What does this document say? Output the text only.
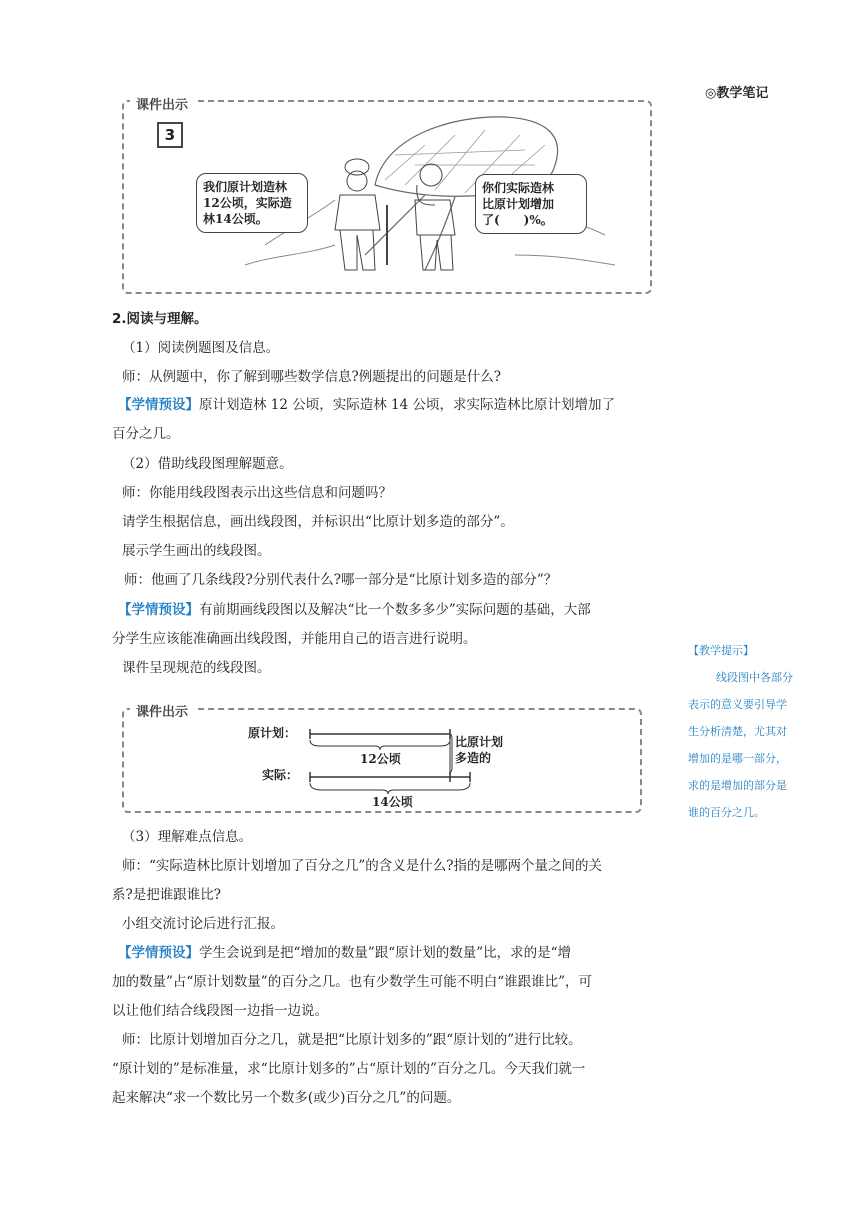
◎教学笔记
课件出示
3
我们原计划造林
12公顷，实际造
林14公顷。
你们实际造林
比原计划增加
了(　　)%。
2.阅读与理解。
（1）阅读例题图及信息。
师：从例题中，你了解到哪些数学信息?例题提出的问题是什么?
【学情预设】原计划造林 12 公顷，实际造林 14 公顷，求实际造林比原计划增加了
百分之几。
（2）借助线段图理解题意。
师：你能用线段图表示出这些信息和问题吗？
请学生根据信息，画出线段图，并标识出“比原计划多造的部分”。
展示学生画出的线段图。
师：他画了几条线段?分别代表什么?哪一部分是“比原计划多造的部分”？
【学情预设】有前期画线段图以及解决“比一个数多多少”实际问题的基础，大部
分学生应该能准确画出线段图，并能用自己的语言进行说明。
课件呈现规范的线段图。
课件出示
原计划：
实际：
12公顷
14公顷
比原计划
多造的
（3）理解难点信息。
师：“实际造林比原计划增加了百分之几”的含义是什么?指的是哪两个量之间的关
系?是把谁跟谁比?
小组交流讨论后进行汇报。
【学情预设】学生会说到是把“增加的数量”跟“原计划的数量”比，求的是“增
加的数量”占“原计划数量”的百分之几。也有少数学生可能不明白“谁跟谁比”，可
以让他们结合线段图一边指一边说。
师：比原计划增加百分之几，就是把“比原计划多的”跟“原计划的”进行比较。
“原计划的”是标准量，求“比原计划多的”占“原计划的”百分之几。今天我们就一
起来解决“求一个数比另一个数多(或少)百分之几”的问题。
【教学提示】
线段图中各部分
表示的意义要引导学
生分析清楚，尤其对
增加的是哪一部分，
求的是增加的部分是
谁的百分之几。
